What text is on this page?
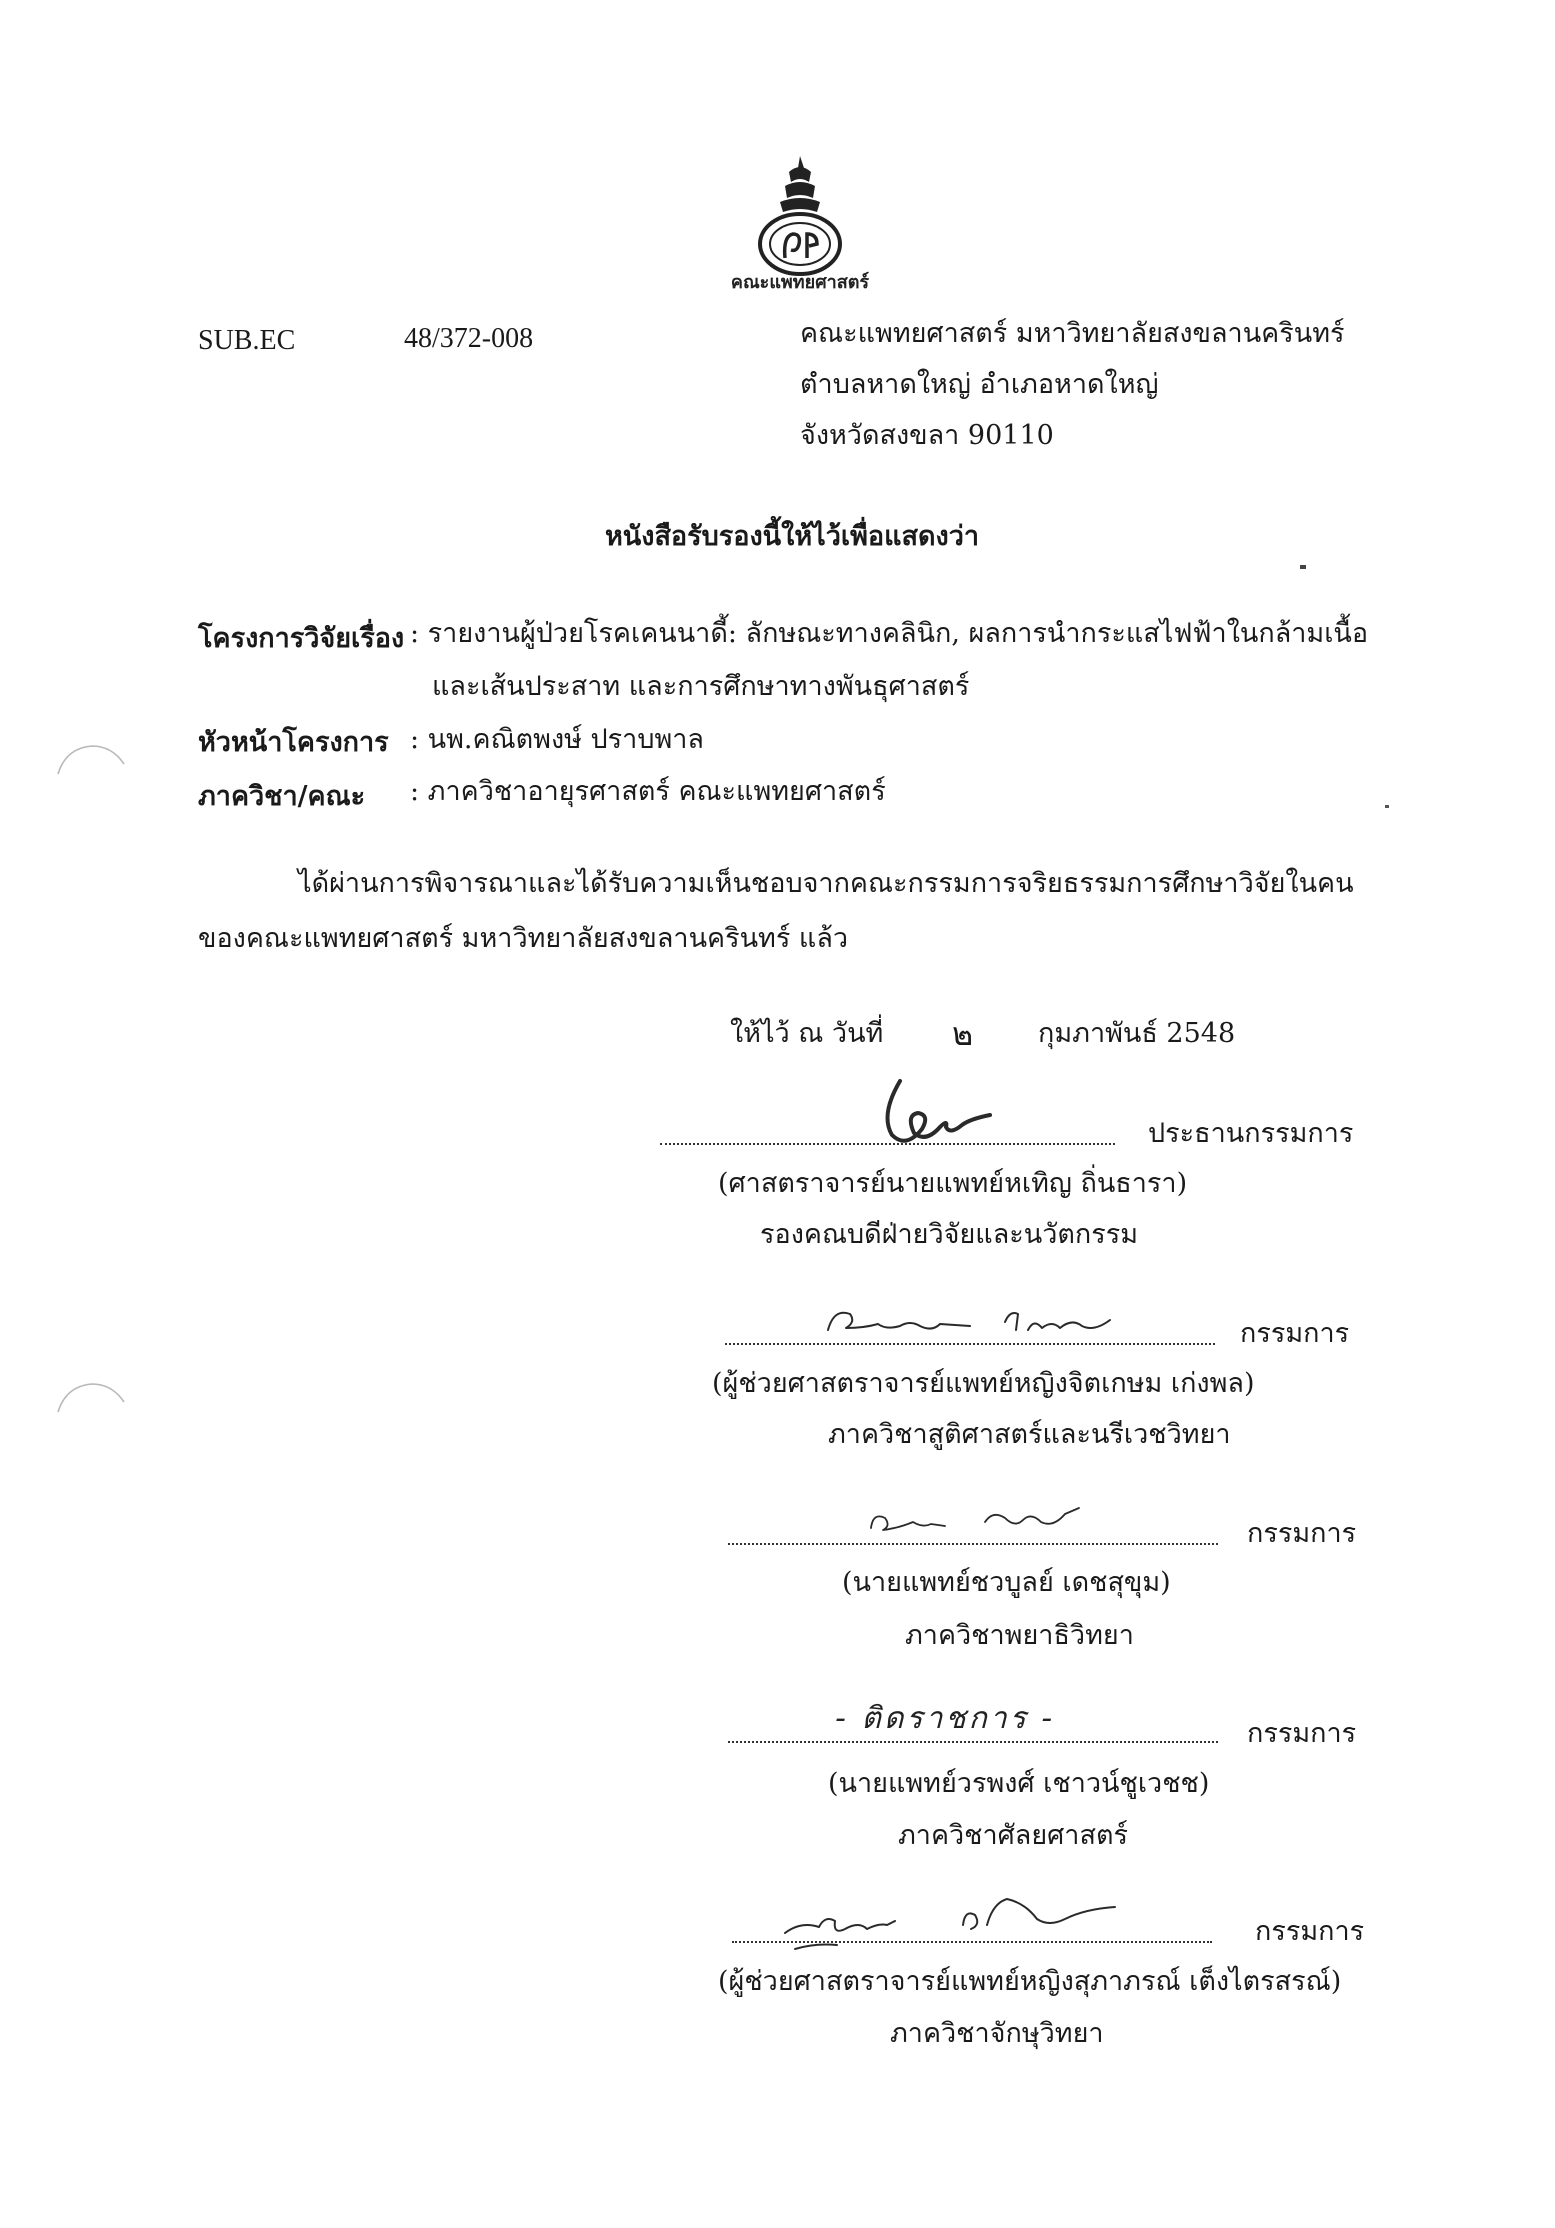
คณะแพทยศาสตร์
SUB.EC	48/372-008	คณะแพทยศาสตร์ มหาวิทยาลัยสงขลานครินทร์
ตำบลหาดใหญ่ อำเภอหาดใหญ่
จังหวัดสงขลา 90110
หนังสือรับรองนี้ให้ไว้เพื่อแสดงว่า
โครงการวิจัยเรื่อง : รายงานผู้ป่วยโรคเคนนาดี้: ลักษณะทางคลินิก, ผลการนำกระแสไฟฟ้าในกล้ามเนื้อ
และเส้นประสาท และการศึกษาทางพันธุศาสตร์
หัวหน้าโครงการ : นพ.คณิตพงษ์ ปราบพาล
ภาควิชา/คณะ : ภาควิชาอายุรศาสตร์ คณะแพทยศาสตร์
ได้ผ่านการพิจารณาและได้รับความเห็นชอบจากคณะกรรมการจริยธรรมการศึกษาวิจัยในคน
ของคณะแพทยศาสตร์ มหาวิทยาลัยสงขลานครินทร์ แล้ว
ให้ไว้ ณ วันที่ ๒ กุมภาพันธ์ 2548
ประธานกรรมการ
(ศาสตราจารย์นายแพทย์หเทิญ ถิ่นธารา)
รองคณบดีฝ่ายวิจัยและนวัตกรรม
กรรมการ
(ผู้ช่วยศาสตราจารย์แพทย์หญิงจิตเกษม เก่งพล)
ภาควิชาสูติศาสตร์และนรีเวชวิทยา
กรรมการ
(นายแพทย์ชวบูลย์ เดชสุขุม)
ภาควิชาพยาธิวิทยา
- ติดราชการ -	กรรมการ
(นายแพทย์วรพงศ์ เชาวน์ชูเวชช)
ภาควิชาศัลยศาสตร์
กรรมการ
(ผู้ช่วยศาสตราจารย์แพทย์หญิงสุภาภรณ์ เต็งไตรสรณ์)
ภาควิชาจักษุวิทยา
